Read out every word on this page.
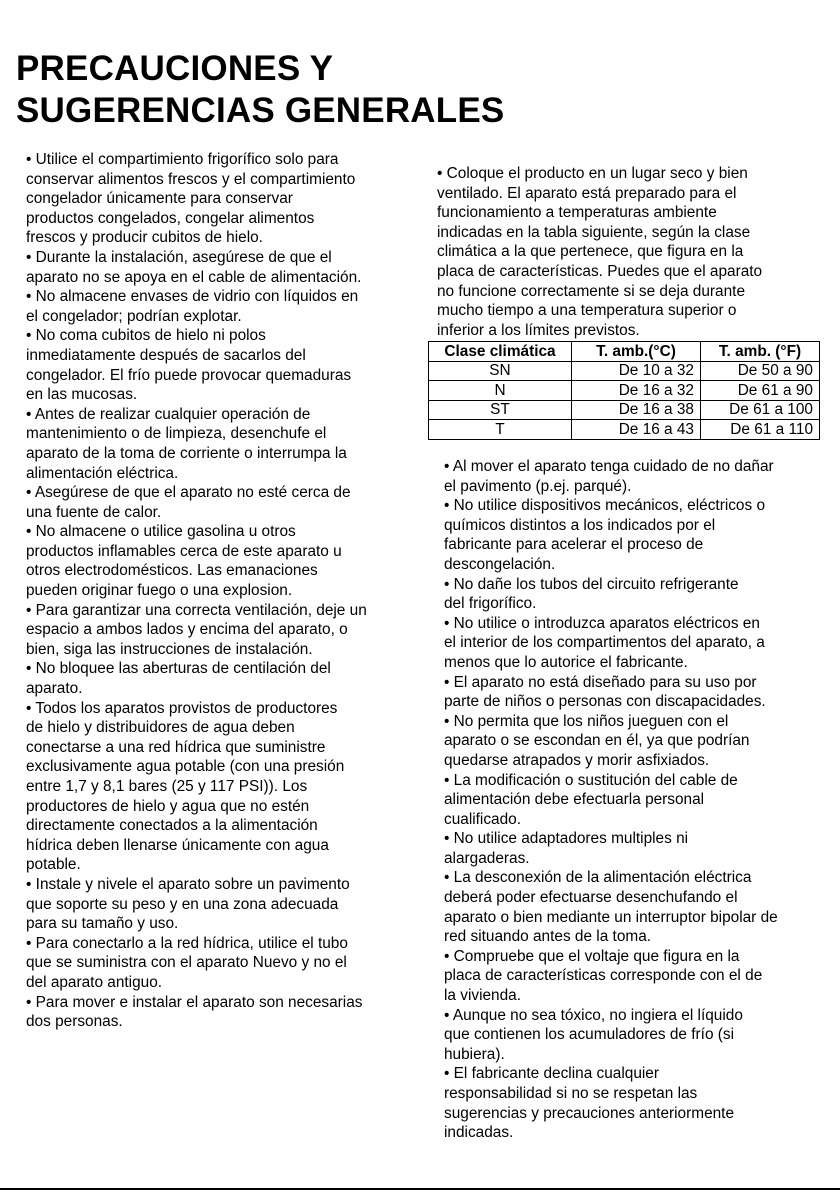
PRECAUCIONES Y
SUGERENCIAS GENERALES
• Utilice el compartimiento frigorífico solo para
conservar alimentos frescos y el compartimiento
congelador únicamente para conservar
productos congelados, congelar alimentos
frescos y producir cubitos de hielo.
• Durante la instalación, asegúrese de que el
aparato no se apoya en el cable de alimentación.
• No almacene envases de vidrio con líquidos en
el congelador; podrían explotar.
• No coma cubitos de hielo ni polos
inmediatamente después de sacarlos del
congelador. El frío puede provocar quemaduras
en las mucosas.
• Antes de realizar cualquier operación de
mantenimiento o de limpieza, desenchufe el
aparato de la toma de corriente o interrumpa la
alimentación eléctrica.
• Asegúrese de que el aparato no esté cerca de
una fuente de calor.
• No almacene o utilice gasolina u otros
productos inflamables cerca de este aparato u
otros electrodomésticos. Las emanaciones
pueden originar fuego o una explosion.
• Para garantizar una correcta ventilación, deje un
espacio a ambos lados y encima del aparato, o
bien, siga las instrucciones de instalación.
• No bloquee las aberturas de centilación del
aparato.
• Todos los aparatos provistos de productores
de hielo y distribuidores de agua deben
conectarse a una red hídrica que suministre
exclusivamente agua potable (con una presión
entre 1,7 y 8,1 bares (25 y 117 PSI)). Los
productores de hielo y agua que no estén
directamente conectados a la alimentación
hídrica deben llenarse únicamente con agua
potable.
• Instale y nivele el aparato sobre un pavimento
que soporte su peso y en una zona adecuada
para su tamaño y uso.
• Para conectarlo a la red hídrica, utilice el tubo
que se suministra con el aparato Nuevo y no el
del aparato antiguo.
• Para mover e instalar el aparato son necesarias
dos personas.
• Coloque el producto en un lugar seco y bien
ventilado. El aparato está preparado para el
funcionamiento a temperaturas ambiente
indicadas en la tabla siguiente, según la clase
climática a la que pertenece, que figura en la
placa de características. Puedes que el aparato
no funcione correctamente si se deja durante
mucho tiempo a una temperatura superior o
inferior a los límites previstos.
Clase climática	T. amb.(°C)	T. amb. (°F)
SN	De 10 a 32	De 50 a 90
N	De 16 a 32	De 61 a 90
ST	De 16 a 38	De 61 a 100
T	De 16 a 43	De 61 a 110
• Al mover el aparato tenga cuidado de no dañar
el pavimento (p.ej. parqué).
• No utilice dispositivos mecánicos, eléctricos o
químicos distintos a los indicados por el
fabricante para acelerar el proceso de
descongelación.
• No dañe los tubos del circuito refrigerante
del frigorífico.
• No utilice o introduzca aparatos eléctricos en
el interior de los compartimentos del aparato, a
menos que lo autorice el fabricante.
• El aparato no está diseñado para su uso por
parte de niños o personas con discapacidades.
• No permita que los niños jueguen con el
aparato o se escondan en él, ya que podrían
quedarse atrapados y morir asfixiados.
• La modificación o sustitución del cable de
alimentación debe efectuarla personal
cualificado.
• No utilice adaptadores multiples ni
alargaderas.
• La desconexión de la alimentación eléctrica
deberá poder efectuarse desenchufando el
aparato o bien mediante un interruptor bipolar de
red situando antes de la toma.
• Compruebe que el voltaje que figura en la
placa de características corresponde con el de
la vivienda.
• Aunque no sea tóxico, no ingiera el líquido
que contienen los acumuladores de frío (si
hubiera).
• El fabricante declina cualquier
responsabilidad si no se respetan las
sugerencias y precauciones anteriormente
indicadas.
